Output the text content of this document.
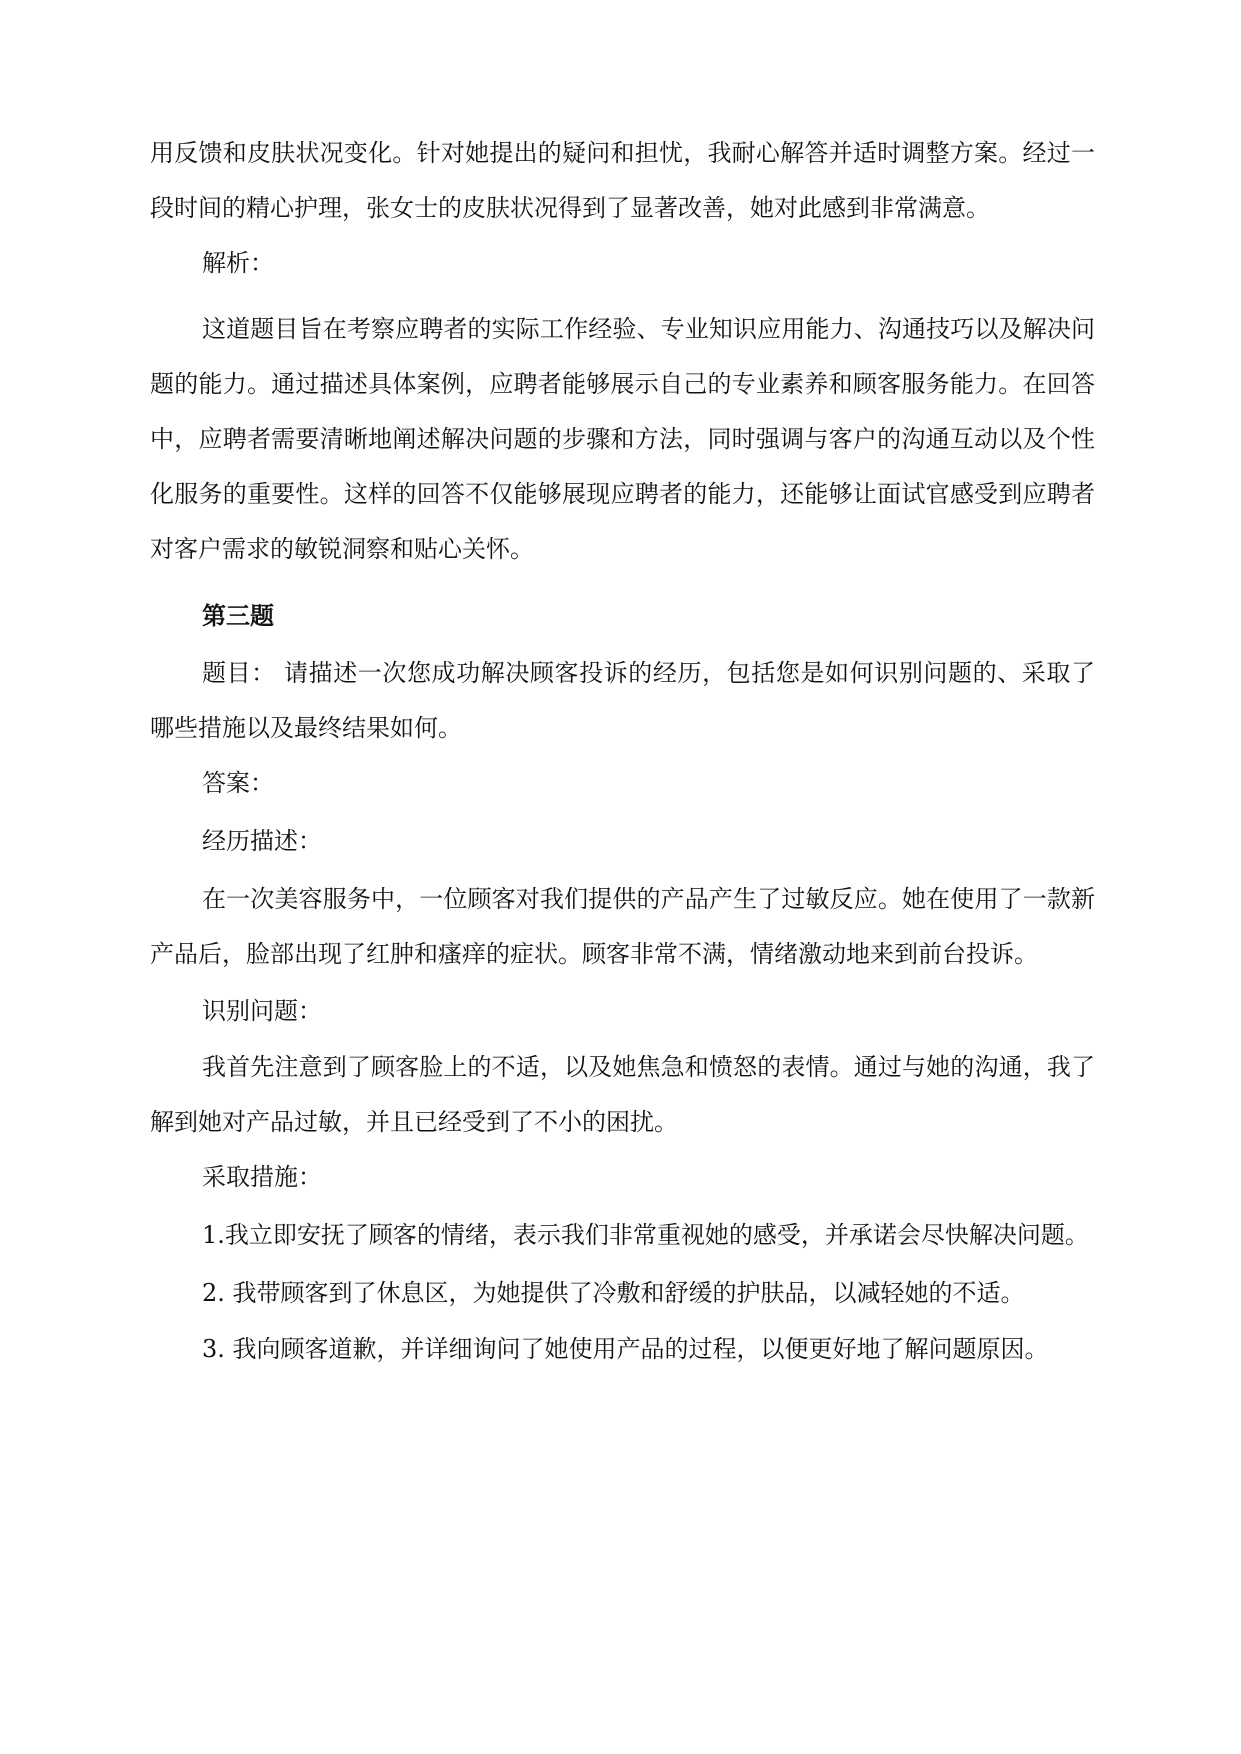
用反馈和皮肤状况变化。针对她提出的疑问和担忧，我耐心解答并适时调整方案。经过一段时间的精心护理，张女士的皮肤状况得到了显著改善，她对此感到非常满意。

解析：

这道题目旨在考察应聘者的实际工作经验、专业知识应用能力、沟通技巧以及解决问题的能力。通过描述具体案例，应聘者能够展示自己的专业素养和顾客服务能力。在回答中，应聘者需要清晰地阐述解决问题的步骤和方法，同时强调与客户的沟通互动以及个性化服务的重要性。这样的回答不仅能够展现应聘者的能力，还能够让面试官感受到应聘者对客户需求的敏锐洞察和贴心关怀。

第三题

题目： 请描述一次您成功解决顾客投诉的经历，包括您是如何识别问题的、采取了哪些措施以及最终结果如何。

答案：

经历描述：

在一次美容服务中，一位顾客对我们提供的产品产生了过敏反应。她在使用了一款新产品后，脸部出现了红肿和瘙痒的症状。顾客非常不满，情绪激动地来到前台投诉。

识别问题：

我首先注意到了顾客脸上的不适，以及她焦急和愤怒的表情。通过与她的沟通，我了解到她对产品过敏，并且已经受到了不小的困扰。

采取措施：

1.我立即安抚了顾客的情绪，表示我们非常重视她的感受，并承诺会尽快解决问题。

2. 我带顾客到了休息区，为她提供了冷敷和舒缓的护肤品，以减轻她的不适。

3. 我向顾客道歉，并详细询问了她使用产品的过程，以便更好地了解问题原因。
